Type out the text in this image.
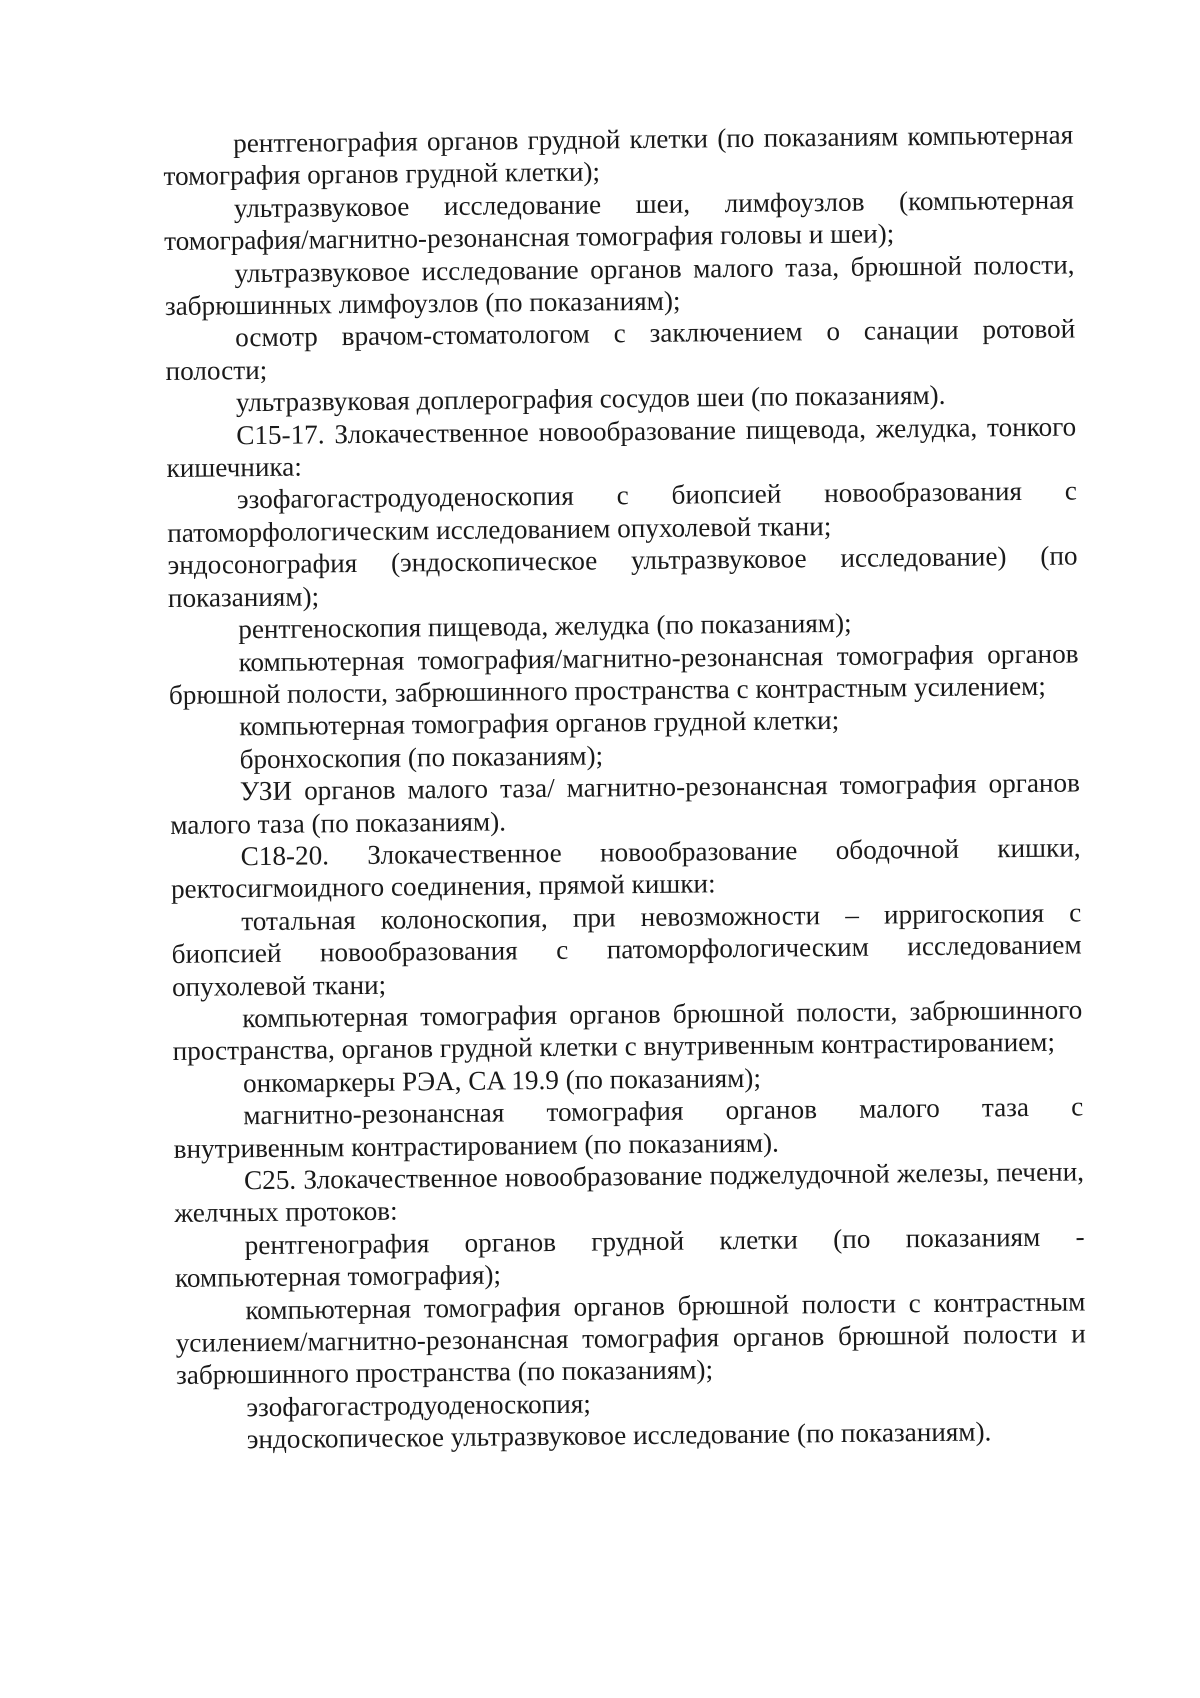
рентгенография органов грудной клетки (по показаниям компьютерная томография органов грудной клетки);

ультразвуковое исследование шеи, лимфоузлов (компьютерная томография/магнитно-резонансная томография головы и шеи);

ультразвуковое исследование органов малого таза, брюшной полости, забрюшинных лимфоузлов (по показаниям);

осмотр врачом-стоматологом с заключением о санации ротовой полости;

ультразвуковая доплерография сосудов шеи (по показаниям).

C15-17. Злокачественное новообразование пищевода, желудка, тонкого кишечника:

эзофагогастродуоденоскопия с биопсией новообразования с патоморфологическим исследованием опухолевой ткани;

эндосонография (эндоскопическое ультразвуковое исследование) (по показаниям);

рентгеноскопия пищевода, желудка (по показаниям);

компьютерная томография/магнитно-резонансная томография органов брюшной полости, забрюшинного пространства с контрастным усилением;

компьютерная томография органов грудной клетки;

бронхоскопия (по показаниям);

УЗИ органов малого таза/ магнитно-резонансная томография органов малого таза (по показаниям).

C18-20. Злокачественное новообразование ободочной кишки, ректосигмоидного соединения, прямой кишки:

тотальная колоноскопия, при невозможности – ирригоскопия с биопсией новообразования с патоморфологическим исследованием опухолевой ткани;

компьютерная томография органов брюшной полости, забрюшинного пространства, органов грудной клетки с внутривенным контрастированием;

онкомаркеры РЭА, CA 19.9 (по показаниям);

магнитно-резонансная томография органов малого таза с внутривенным контрастированием (по показаниям).

C25. Злокачественное новообразование поджелудочной железы, печени, желчных протоков:

рентгенография органов грудной клетки (по показаниям - компьютерная томография);

компьютерная томография органов брюшной полости с контрастным усилением/магнитно-резонансная томография органов брюшной полости и забрюшинного пространства (по показаниям);

эзофагогастродуоденоскопия;

эндоскопическое ультразвуковое исследование (по показаниям).
